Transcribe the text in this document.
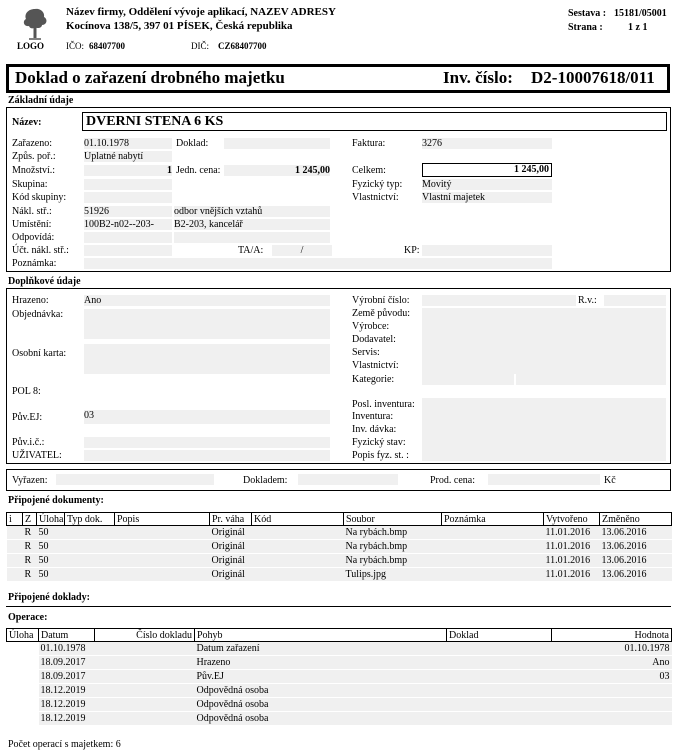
LOGO
Název firmy, Oddělení vývoje aplikací, NAZEV ADRESY
Kocínova 138/5, 397 01 PÍSEK, Česká republika
IČO: 68407700	DIČ: CZ68407700
Sestava : 15181/05001
Strana :	1 z 1
Doklad o zařazení drobného majetku	Inv. číslo: D2-10007618/011
Základní údaje
Název:	DVERNI STENA 6 KS
Zařazeno:	01.10.1978	Doklad:	Faktura:	3276
Způs. poř.:	Úplatné nabytí
Množství.:	1 Jedn. cena:	1 245,00 Celkem:	1 245,00
Skupina:	Fyzický typ: Movitý
Kód skupiny:	Vlastnictví: Vlastní majetek
Nákl. stř.:	51926	odbor vnějších vztahů
Umístění:	100B2-n02--203-	B2-203, kancelář
Odpovídá:
Účt. nákl. stř.:	TA/A:	/	KP:
Poznámka:
Doplňkové údaje
Hrazeno:	Ano
Objednávka:
Osobní karta:
POL 8:
Pův.EJ:	03
Pův.i.č.:
UŽIVATEL:
Výrobní číslo:	R.v.:
Země původu:
Výrobce:
Dodavatel:
Servis:
Vlastnictví:
Kategorie:
Posl. inventura:
Inventura:
Inv. dávka:
Fyzický stav:
Popis fyz. st. :
Vyřazen:	Dokladem:	Prod. cena:	Kč
Připojené dokumenty:
i	Z	Úloha	Typ dok.	Popis	Pr. váha	Kód	Soubor	Poznámka	Vytvořeno	Změněno
	R	50			Originál		Na rybách.bmp		11.01.2016	13.06.2016
	R	50			Originál		Na rybách.bmp		11.01.2016	13.06.2016
	R	50			Originál		Na rybách.bmp		11.01.2016	13.06.2016
	R	50			Originál		Tulips.jpg		11.01.2016	13.06.2016
Připojené doklady:
Operace:
Úloha	Datum	Číslo dokladu	Pohyb	Doklad	Hodnota
	01.10.1978		Datum zařazení		01.10.1978
	18.09.2017		Hrazeno		Ano
	18.09.2017		Pův.EJ		03
	18.12.2019		Odpovědná osoba		
	18.12.2019		Odpovědná osoba		
	18.12.2019		Odpovědná osoba		
Počet operací s majetkem: 6
